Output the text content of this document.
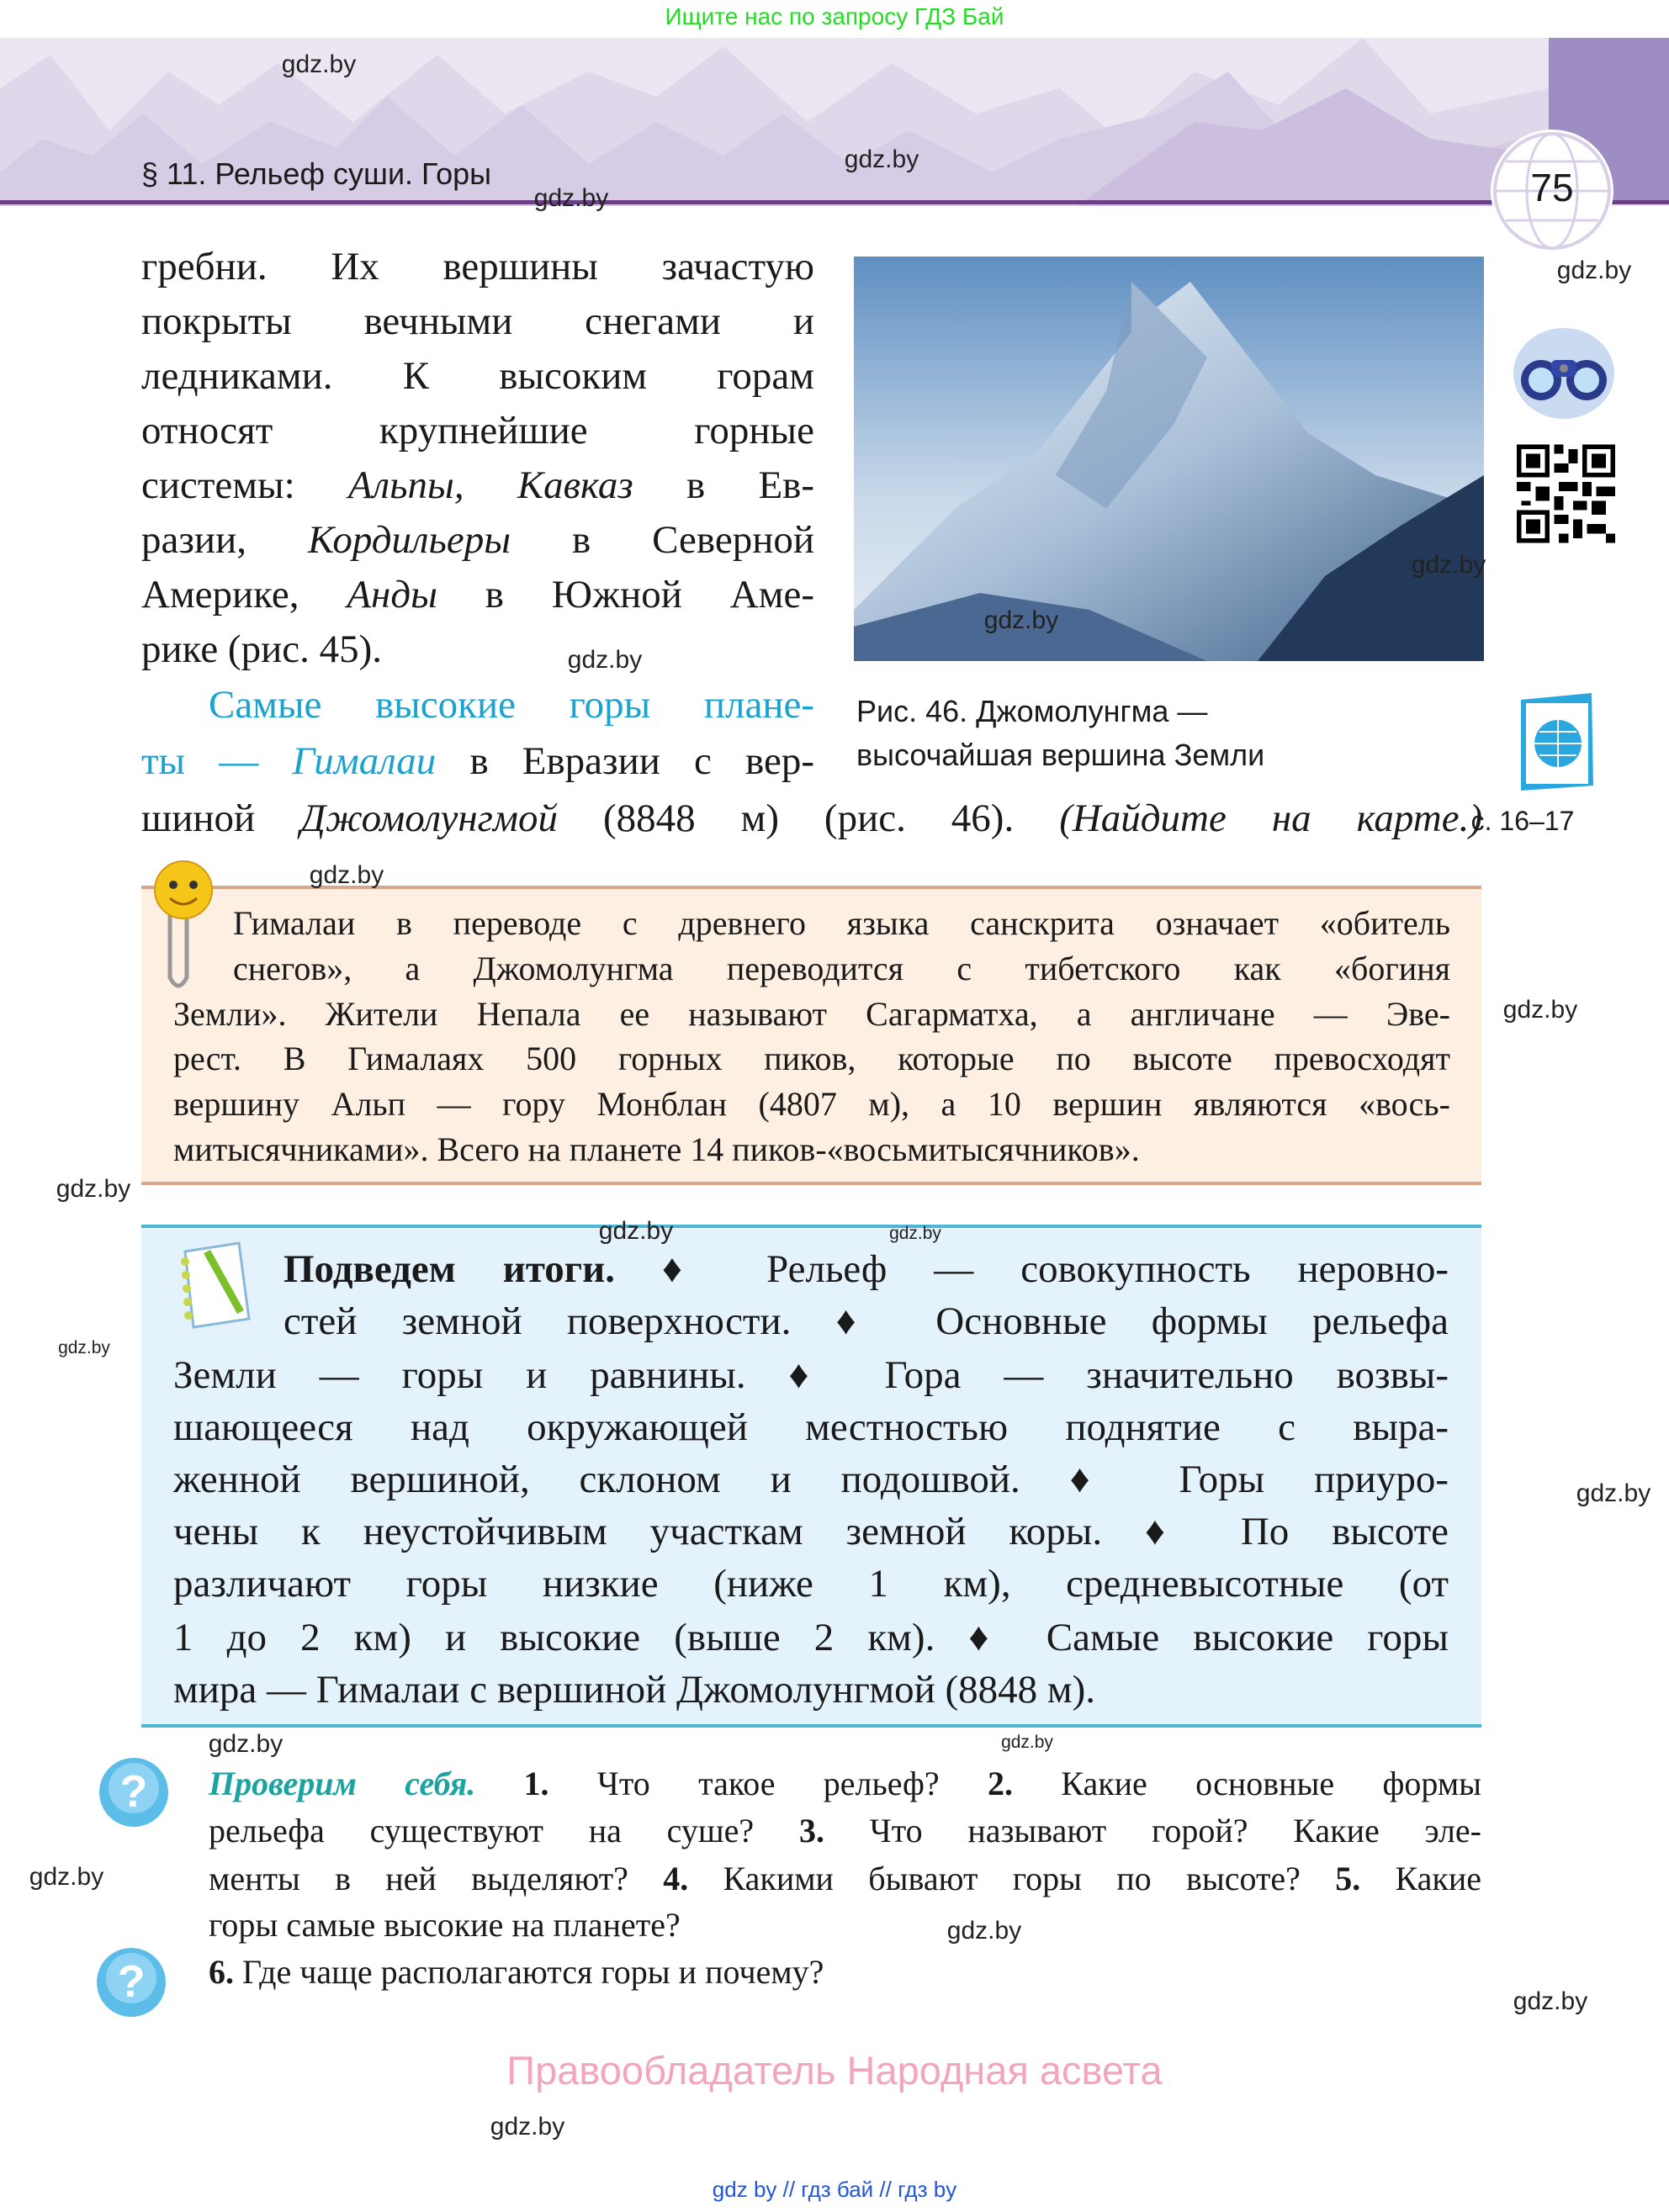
Ищите нас по запросу ГДЗ Бай
§ 11. Рельеф суши. Горы	75
гребни. Их вершины зачастую
покрыты вечными снегами и
ледниками. К высоким горам
относят крупнейшие горные
системы: Альпы, Кавказ в Ев-
разии, Кордильеры в Северной
Америке, Анды в Южной Аме-
рике (рис. 45).
Самые высокие горы плане-
ты — Гималаи в Евразии с вер-
шиной Джомолунгмой (8848 м) (рис. 46). (Найдите на карте.)
Рис. 46. Джомолунгма —
высочайшая вершина Земли
с. 16–17
Гималаи в переводе с древнего языка санскрита означает «обитель
снегов», а Джомолунгма переводится с тибетского как «богиня
Земли». Жители Непала ее называют Сагарматха, а англичане — Эве-
рест. В Гималаях 500 горных пиков, которые по высоте превосходят
вершину Альп — гору Монблан (4807 м), а 10 вершин являются «вось-
митысячниками». Всего на планете 14 пиков-«восьмитысячников».
Подведем итоги. ♦ Рельеф — совокупность неровно-
стей земной поверхности. ♦ Основные формы рельефа
Земли — горы и равнины. ♦ Гора — значительно возвы-
шающееся над окружающей местностью поднятие с выра-
женной вершиной, склоном и подошвой. ♦ Горы приуро-
чены к неустойчивым участкам земной коры. ♦ По высоте
различают горы низкие (ниже 1 км), средневысотные (от
1 до 2 км) и высокие (выше 2 км). ♦ Самые высокие горы
мира — Гималаи с вершиной Джомолунгмой (8848 м).
?
?
Проверим себя. 1. Что такое рельеф? 2. Какие основные формы
рельефа существуют на суше? 3. Что называют горой? Какие эле-
менты в ней выделяют? 4. Какими бывают горы по высоте? 5. Какие
горы самые высокие на планете?
6. Где чаще располагаются горы и почему?
gdz.by
gdz.by
gdz.by
gdz.by
gdz.by
gdz.by
gdz.by
gdz.by
gdz.by
gdz.by
gdz.by	gdz.by
gdz.by
gdz.by
gdz.by
gdz.by
gdz.by
gdz.by
gdz.by
gdz.by
Правообладатель Народная асвета
gdz by // гдз бай // гдз by
